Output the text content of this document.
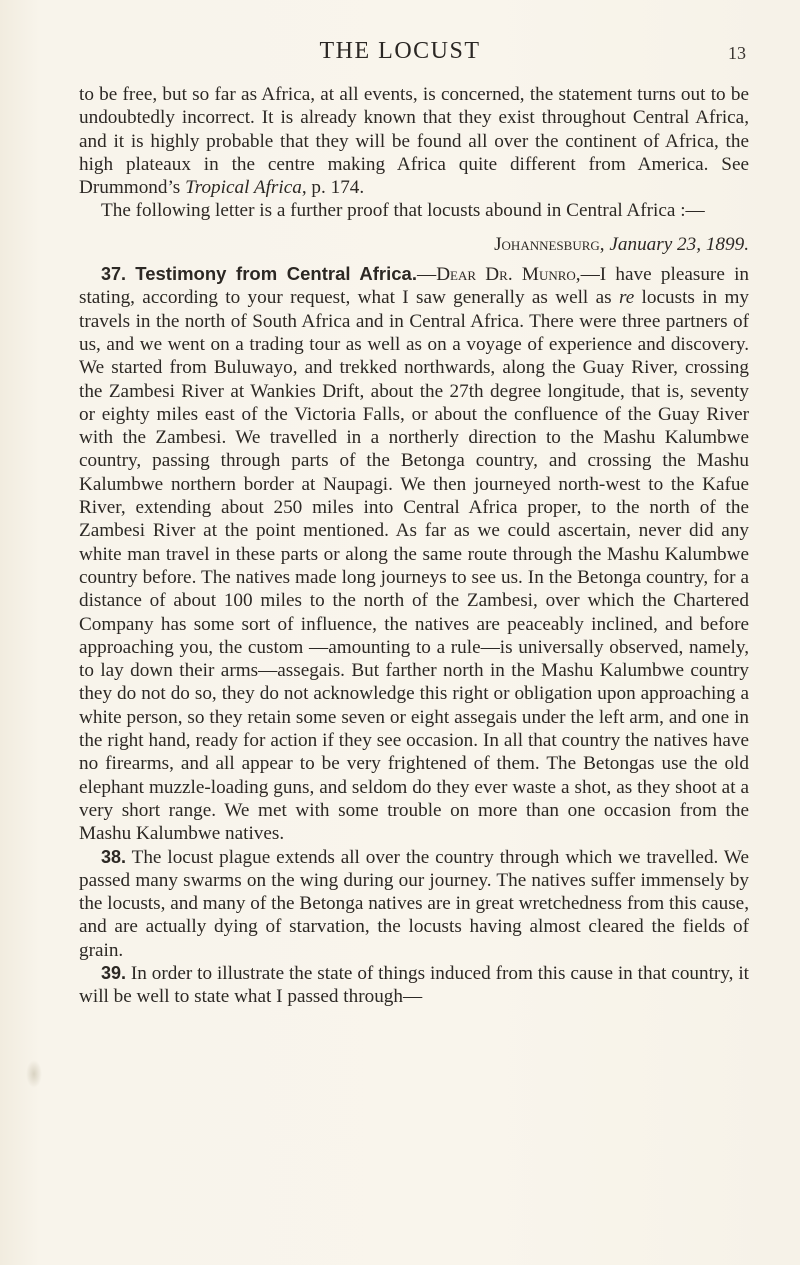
THE LOCUST	13

to be free, but so far as Africa, at all events, is concerned, the statement turns out to be undoubtedly incorrect. It is already known that they exist throughout Central Africa, and it is highly probable that they will be found all over the continent of Africa, the high plateaux in the centre making Africa quite different from America. See Drummond’s Tropical Africa, p. 174.

The following letter is a further proof that locusts abound in Central Africa :—

Johannesburg, January 23, 1899.

37. Testimony from Central Africa.—Dear Dr. Munro,—I have pleasure in stating, according to your request, what I saw generally as well as re locusts in my travels in the north of South Africa and in Central Africa. There were three partners of us, and we went on a trading tour as well as on a voyage of experience and discovery. We started from Buluwayo, and trekked northwards, along the Guay River, crossing the Zambesi River at Wankies Drift, about the 27th degree longitude, that is, seventy or eighty miles east of the Victoria Falls, or about the confluence of the Guay River with the Zambesi. We travelled in a northerly direction to the Mashu Kalumbwe country, passing through parts of the Betonga country, and crossing the Mashu Kalumbwe northern border at Naupagi. We then journeyed north-west to the Kafue River, extending about 250 miles into Central Africa proper, to the north of the Zambesi River at the point mentioned. As far as we could ascertain, never did any white man travel in these parts or along the same route through the Mashu Kalumbwe country before. The natives made long journeys to see us. In the Betonga country, for a distance of about 100 miles to the north of the Zambesi, over which the Chartered Company has some sort of influence, the natives are peaceably inclined, and before approaching you, the custom —amounting to a rule—is universally observed, namely, to lay down their arms—assegais. But farther north in the Mashu Kalumbwe country they do not do so, they do not acknowledge this right or obligation upon approaching a white person, so they retain some seven or eight assegais under the left arm, and one in the right hand, ready for action if they see occasion. In all that country the natives have no firearms, and all appear to be very frightened of them. The Betongas use the old elephant muzzle-loading guns, and seldom do they ever waste a shot, as they shoot at a very short range. We met with some trouble on more than one occasion from the Mashu Kalumbwe natives.

38. The locust plague extends all over the country through which we travelled. We passed many swarms on the wing during our journey. The natives suffer immensely by the locusts, and many of the Betonga natives are in great wretchedness from this cause, and are actually dying of starvation, the locusts having almost cleared the fields of grain.

39. In order to illustrate the state of things induced from this cause in that country, it will be well to state what I passed through—
